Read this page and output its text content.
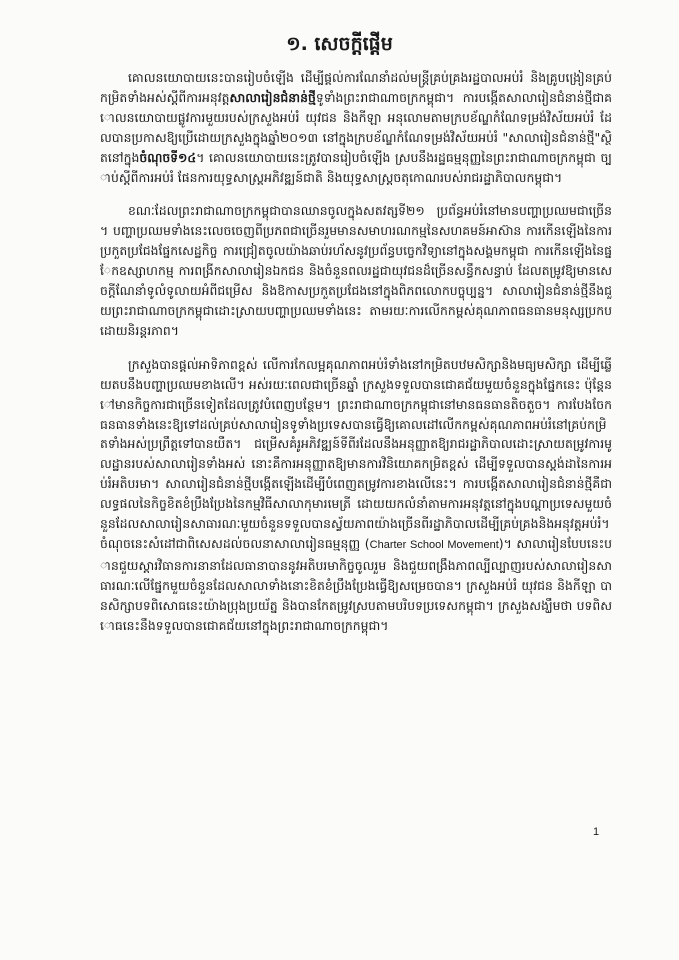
១. សេចក្តីផ្តើម

គោលនយោបាយនេះបានរៀបចំឡើង ដើម្បីផ្តល់ការណែនាំដល់មន្ត្រីគ្រប់គ្រងរដ្ឋបាលអប់រំ និងគ្រូបង្រៀនគ្រប់កម្រិតទាំងអស់ស្តីពីការអនុវត្តសាលារៀនជំនាន់ថ្មីទូទាំងព្រះរាជាណាចក្រកម្ពុជា។ ការបង្កើតសាលារៀនជំនាន់ថ្មីជាគោលនយោបាយផ្លូវការមួយរបស់ក្រសួងអប់រំ យុវជន និងកីឡា អនុលោមតាមក្របខ័ណ្ឌកំណែទម្រង់វិស័យអប់រំ ដែលបានប្រកាសឱ្យប្រើដោយក្រសួងក្នុងឆ្នាំ២០១៣ នៅក្នុងក្របខ័ណ្ឌកំណែទម្រង់វិស័យអប់រំ "សាលារៀនជំនាន់ថ្មី"ស្ថិតនៅក្នុងចំណុចទី១៤។ គោលនយោបាយនេះត្រូវបានរៀបចំឡើង ស្របនឹងរដ្ឋធម្មនុញ្ញនៃព្រះរាជាណាចក្រកម្ពុជា ច្បាប់ស្តីពីការអប់រំ ផែនការយុទ្ធសាស្ត្រអភិវឌ្ឍន៍ជាតិ និងយុទ្ធសាស្ត្រចតុកោណរបស់រាជរដ្ឋាភិបាលកម្ពុជា។

ខណៈដែលព្រះរាជាណាចក្រកម្ពុជាបានឈានចូលក្នុងសតវត្សទី២១ ប្រព័ន្ធអប់រំនៅមានបញ្ហាប្រឈមជាច្រើន។ បញ្ហាប្រឈមទាំងនេះលេចចេញពីប្រភពជាច្រើនរួមមានសមាហរណកម្មនៃសហគមន៍អាស៊ាន ការកើនឡើងនៃការប្រកួតប្រជែងផ្នែកសេដ្ឋកិច្ច ការជ្រៀតចូលយ៉ាងឆាប់រហ័សនូវប្រព័ន្ធបច្ចេកវិទ្យានៅក្នុងសង្គមកម្ពុជា ការកើនឡើងនៃផ្នែកឧស្សាហកម្ម ការពង្រីកសាលារៀនឯកជន និងចំនួនពលរដ្ឋជាយុវជនដ៏ច្រើនសន្ធឹកសន្ធាប់ ដែលតម្រូវឱ្យមានសេចក្តីណែនាំទូលំទូលាយអំពីជម្រើស និងឱកាសប្រកួតប្រជែងនៅក្នុងពិភពលោកបច្ចុប្បន្ន។ សាលារៀនជំនាន់ថ្មីនឹងជួយព្រះរាជាណាចក្រកម្ពុជាដោះស្រាយបញ្ហាប្រឈមទាំងនេះ តាមរយៈការលើកកម្ពស់គុណភាពធនធានមនុស្សប្រកបដោយនិរន្តរភាព។

ក្រសួងបានផ្តល់អាទិភាពខ្ពស់ លើការកែលម្អគុណភាពអប់រំទាំងនៅកម្រិតបឋមសិក្សានិងមធ្យមសិក្សា ដើម្បីឆ្លើយតបនឹងបញ្ហាប្រឈមខាងលើ។ អស់រយៈពេលជាច្រើនឆ្នាំ ក្រសួងទទួលបានជោគជ័យមួយចំនួនក្នុងផ្នែកនេះ ប៉ុន្តែនៅមានកិច្ចការជាច្រើនទៀតដែលត្រូវបំពេញបន្ថែម។ ព្រះរាជាណាចក្រកម្ពុជានៅមានធនធានតិចតួច។ ការបែងចែកធនធានទាំងនេះឱ្យទៅដល់គ្រប់សាលារៀនទូទាំងប្រទេសបានធ្វើឱ្យគោលដៅលើកកម្ពស់គុណភាពអប់រំនៅគ្រប់កម្រិតទាំងអស់ប្រព្រឹត្តទៅបានយឺត។ ជម្រើសគំរូអភិវឌ្ឍន៍ទីពីរដែលនឹងអនុញ្ញាតឱ្យរាជរដ្ឋាភិបាលដោះស្រាយតម្រូវការមូលដ្ឋានរបស់សាលារៀនទាំងអស់ នោះគឺការអនុញ្ញាតឱ្យមានការវិនិយោគកម្រិតខ្ពស់ ដើម្បីទទួលបានស្តង់ដានៃការអប់រំអតិបរមា។ សាលារៀនជំនាន់ថ្មីបង្កើតឡើងដើម្បីបំពេញតម្រូវការខាងលើនេះ។ ការបង្កើតសាលារៀនជំនាន់ថ្មីគឺជាលទ្ធផលនៃកិច្ចខិតខំប្រឹងប្រែងនៃកម្មវិធីសាលាកុមារមេត្រី ដោយយកលំនាំតាមការអនុវត្តនៅក្នុងបណ្តាប្រទេសមួយចំនួនដែលសាលារៀនសាធារណៈមួយចំនួនទទួលបានស្វ័យភាពយ៉ាងច្រើនពីរដ្ឋាភិបាលដើម្បីគ្រប់គ្រងនិងអនុវត្តអប់រំ។ ចំណុចនេះសំដៅជាពិសេសដល់ចលនាសាលារៀនធម្មនុញ្ញ (Charter School Movement)។ សាលារៀនបែបនេះបានជួយស្តារវិធានការនានាដែលធានាបាននូវអតិបរមាកិច្ចចូលរួម និងជួយពង្រឹងភាពល្បីល្បាញរបស់សាលារៀនសាធារណៈលើផ្នែកមួយចំនួនដែលសាលាទាំងនោះខិតខំប្រឹងប្រែងធ្វើឱ្យសម្រេចបាន។ ក្រសួងអប់រំ យុវជន និងកីឡា បានសិក្សាបទពិសោធនេះយ៉ាងប្រុងប្រយ័ត្ន និងបានកែតម្រូវស្របតាមបរិបទប្រទេសកម្ពុជា។ ក្រសួងសង្ឃឹមថា បទពិសោធនេះនឹងទទួលបានជោគជ័យនៅក្នុងព្រះរាជាណាចក្រកម្ពុជា។

1
